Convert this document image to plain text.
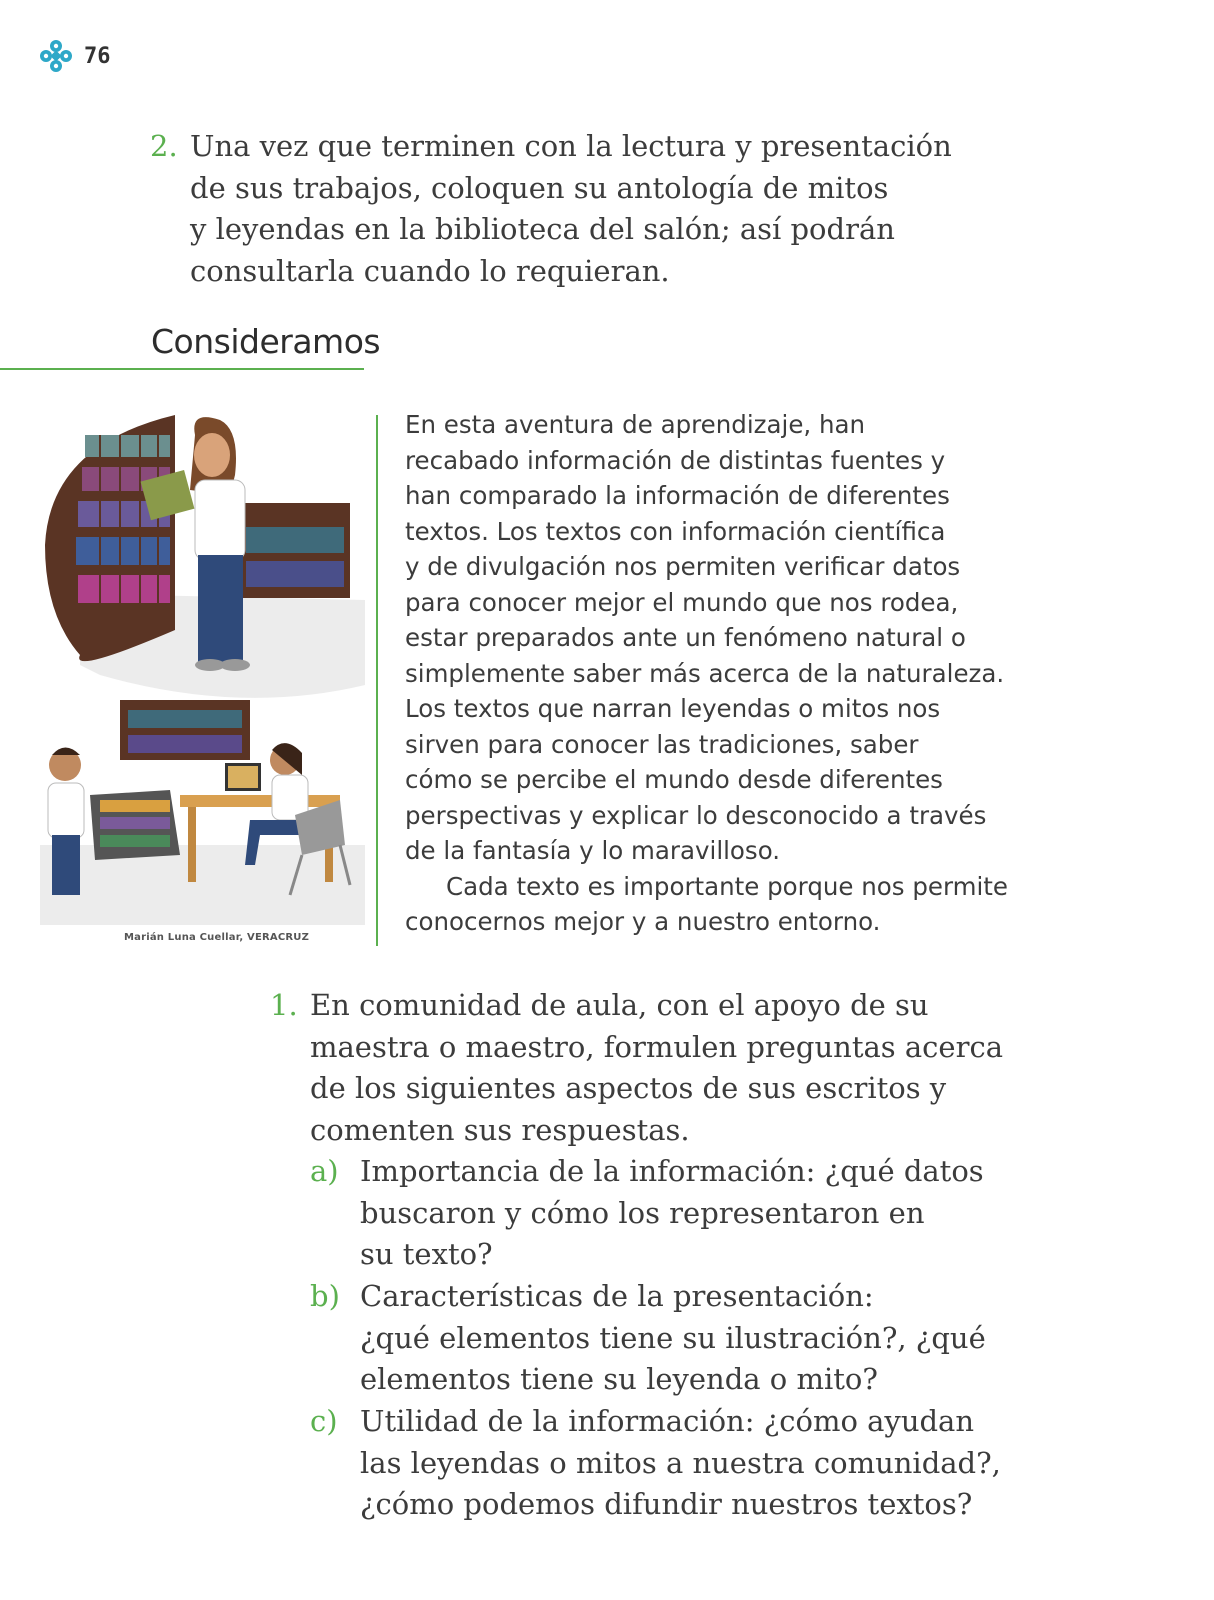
76
2. Una vez que terminen con la lectura y presentación
de sus trabajos, coloquen su antología de mitos
y leyendas en la biblioteca del salón; así podrán
consultarla cuando lo requieran.
Consideramos
Marián Luna Cuellar, VERACRUZ

En esta aventura de aprendizaje, han

recabado información de distintas fuentes y

han comparado la información de diferentes

textos. Los textos con información científica

y de divulgación nos permiten verificar datos

para conocer mejor el mundo que nos rodea,

estar preparados ante un fenómeno natural o

simplemente saber más acerca de la naturaleza.

Los textos que narran leyendas o mitos nos

sirven para conocer las tradiciones, saber

cómo se percibe el mundo desde diferentes

perspectivas y explicar lo desconocido a través

de la fantasía y lo maravilloso.

Cada texto es importante porque nos permite

conocernos mejor y a nuestro entorno.

1. En comunidad de aula, con el apoyo de su
maestra o maestro, formulen preguntas acerca
de los siguientes aspectos de sus escritos y
comenten sus respuestas.
a) Importancia de la información: ¿qué datos
buscaron y cómo los representaron en
su texto?
b) Características de la presentación:
¿qué elementos tiene su ilustración?, ¿qué
elementos tiene su leyenda o mito?
c) Utilidad de la información: ¿cómo ayudan
las leyendas o mitos a nuestra comunidad?,
¿cómo podemos difundir nuestros textos?
